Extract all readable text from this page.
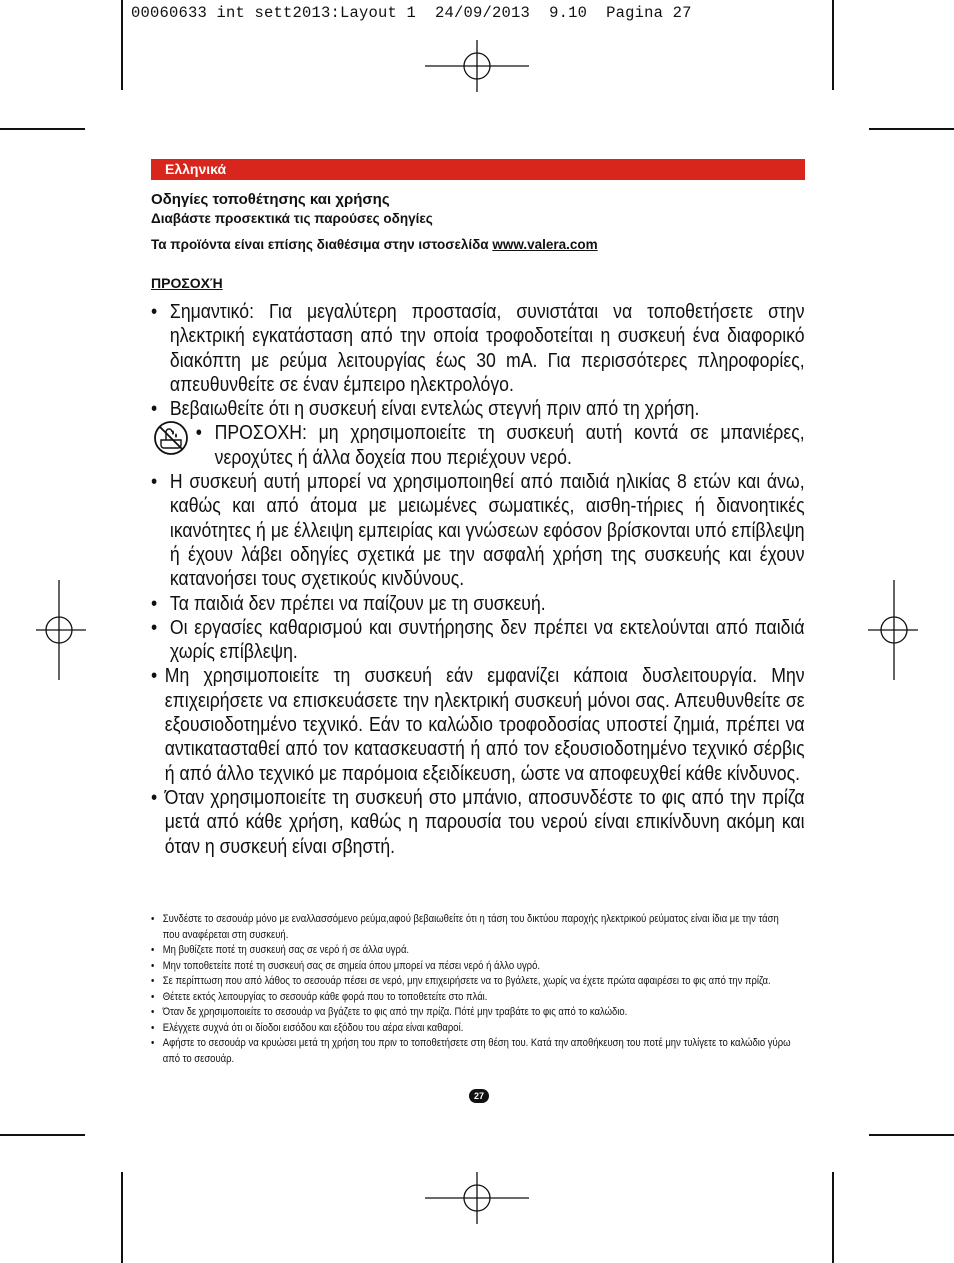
00060633 int sett2013:Layout 1  24/09/2013  9.10  Pagina 27
Ελληνικά
Οδηγίες τοποθέτησης και χρήσης
Διαβάστε προσεκτικά τις παρούσες οδηγίες
Τα προϊόντα είναι επίσης διαθέσιμα στην ιστοσελίδα www.valera.com
ΠΡΟΣΟΧΉ
• Σημαντικό: Για μεγαλύτερη προστασία, συνιστάται να τοποθετήσετε στην ηλεκτρική εγκατάσταση από την οποία τροφοδοτείται η συσκευή ένα διαφορικό διακόπτη με ρεύμα λειτουργίας έως 30 mA. Για περισσότερες πληροφορίες, απευθυνθείτε σε έναν έμπειρο ηλεκτρολόγο.
• Βεβαιωθείτε ότι η συσκευή είναι εντελώς στεγνή πριν από τη χρήση.
• ΠΡΟΣΟΧΗ: μη χρησιμοποιείτε τη συσκευή αυτή κοντά σε μπανιέρες, νεροχύτες ή άλλα δοχεία που περιέχουν νερό.
• Η συσκευή αυτή μπορεί να χρησιμοποιηθεί από παιδιά ηλικίας 8 ετών και άνω, καθώς και από άτομα με μειωμένες σωματικές, αισθη-τήριες ή διανοητικές ικανότητες ή με έλλειψη εμπειρίας και γνώσεων εφόσον βρίσκονται υπό επίβλεψη ή έχουν λάβει οδηγίες σχετικά με την ασφαλή χρήση της συσκευής και έχουν κατανοήσει τους σχετικούς κινδύνους.
• Τα παιδιά δεν πρέπει να παίζουν με τη συσκευή.
• Οι εργασίες καθαρισμού και συντήρησης δεν πρέπει να εκτελούνται από παιδιά χωρίς επίβλεψη.
• Μη χρησιμοποιείτε τη συσκευή εάν εμφανίζει κάποια δυσλειτουργία. Μην επιχειρήσετε να επισκευάσετε την ηλεκτρική συσκευή μόνοι σας. Απευθυνθείτε σε εξουσιοδοτημένο τεχνικό. Εάν το καλώδιο τροφοδοσίας υποστεί ζημιά, πρέπει να αντικατασταθεί από τον κατασκευαστή ή από τον εξουσιοδοτημένο τεχνικό σέρβις ή από άλλο τεχνικό με παρόμοια εξειδίκευση, ώστε να αποφευχθεί κάθε κίνδυνος.
• Όταν χρησιμοποιείτε τη συσκευή στο μπάνιο, αποσυνδέστε το φις από την πρίζα μετά από κάθε χρήση, καθώς η παρουσία του νερού είναι επικίνδυνη ακόμη και όταν η συσκευή είναι σβηστή.
• Συνδέστε το σεσουάρ μόνο με εναλλασσόμενο ρεύμα,αφού βεβαιωθείτε ότι η τάση του δικτύου παροχής ηλεκτρικού ρεύματος είναι ίδια με την τάση που αναφέρεται στη συσκευή.
• Μη βυθίζετε ποτέ τη συσκευή σας σε νερό ή σε άλλα υγρά.
• Μην τοποθετείτε ποτέ τη συσκευή σας σε σημεία όπου μπορεί να πέσει νερό ή άλλο υγρό.
• Σε περίπτωση που από λάθος το σεσουάρ πέσει σε νερό, μην επιχειρήσετε να το βγάλετε, χωρίς να έχετε πρώτα αφαιρέσει το φις από την πρίζα.
• Θέτετε εκτός λειτουργίας το σεσουάρ κάθε φορά που το τοποθετείτε στο πλάι.
• Όταν δε χρησιμοποιείτε το σεσουάρ να βγάζετε το φις από την πρίζα. Πότέ μην τραβάτε το φις από το καλώδιο.
• Ελέγχετε συχνά ότι οι δίοδοι εισόδου και εξόδου του αέρα είναι καθαροί.
• Αφήστε το σεσουάρ να κρυώσει μετά τη χρήση του πριν το τοποθετήσετε στη θέση του. Κατά την αποθήκευση του ποτέ μην τυλίγετε το καλώδιο γύρω από το σεσουάρ.
27
